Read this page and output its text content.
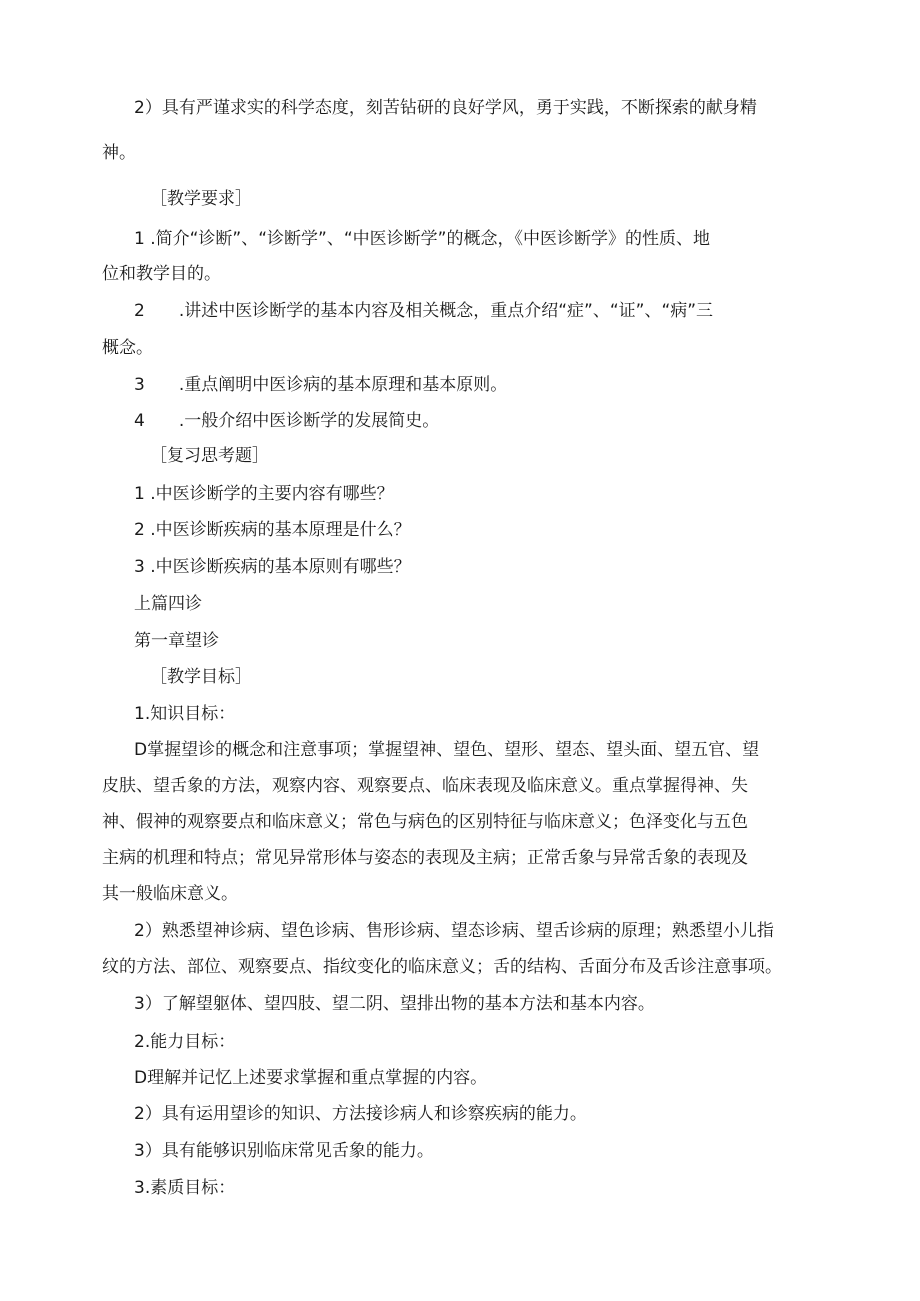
2）具有严谨求实的科学态度，刻苦钻研的良好学风，勇于实践，不断探索的献身精
神。
［教学要求］
1 .简介“诊断”、“诊断学”、“中医诊断学”的概念，《中医诊断学》的性质、地
位和教学目的。
2　　.讲述中医诊断学的基本内容及相关概念，重点介绍“症”、“证”、“病”三
概念。
3　　.重点阐明中医诊病的基本原理和基本原则。
4　　.一般介绍中医诊断学的发展简史。
［复习思考题］
1 .中医诊断学的主要内容有哪些？
2 .中医诊断疾病的基本原理是什么？
3 .中医诊断疾病的基本原则有哪些？
上篇四诊
第一章望诊
［教学目标］
1.知识目标：
D掌握望诊的概念和注意事项；掌握望神、望色、望形、望态、望头面、望五官、望
皮肤、望舌象的方法，观察内容、观察要点、临床表现及临床意义。重点掌握得神、失
神、假神的观察要点和临床意义；常色与病色的区别特征与临床意义；色泽变化与五色
主病的机理和特点；常见异常形体与姿态的表现及主病；正常舌象与异常舌象的表现及
其一般临床意义。
2）熟悉望神诊病、望色诊病、售形诊病、望态诊病、望舌诊病的原理；熟悉望小儿指
纹的方法、部位、观察要点、指纹变化的临床意义；舌的结构、舌面分布及舌诊注意事项。
3）了解望躯体、望四肢、望二阴、望排出物的基本方法和基本内容。
2.能力目标：
D理解并记忆上述要求掌握和重点掌握的内容。
2）具有运用望诊的知识、方法接诊病人和诊察疾病的能力。
3）具有能够识别临床常见舌象的能力。
3.素质目标：
